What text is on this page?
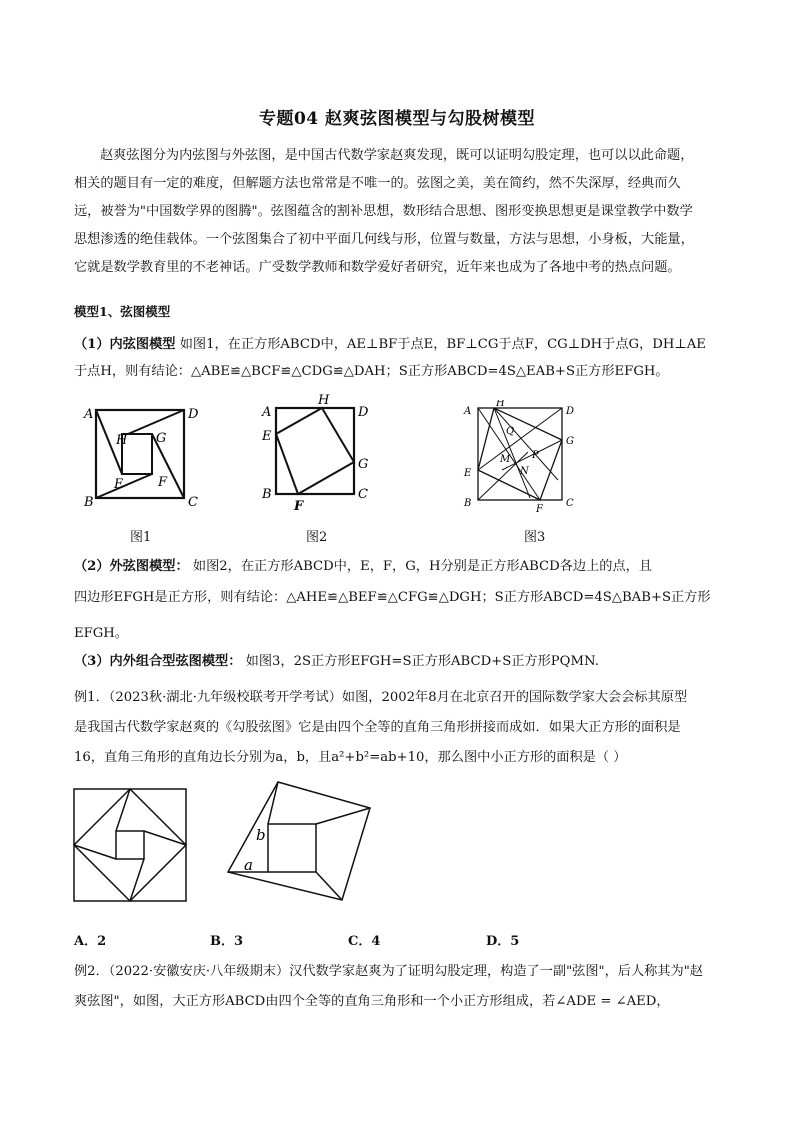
专题04 赵爽弦图模型与勾股树模型
赵爽弦图分为内弦图与外弦图，是中国古代数学家赵爽发现，既可以证明勾股定理，也可以以此命题，
相关的题目有一定的难度，但解题方法也常常是不唯一的。弦图之美，美在简约，然不失深厚，经典而久
远，被誉为"中国数学界的图腾"。弦图蕴含的割补思想，数形结合思想、图形变换思想更是课堂教学中数学
思想渗透的绝佳载体。一个弦图集合了初中平面几何线与形，位置与数量，方法与思想，小身板，大能量，
它就是数学教育里的不老神话。广受数学教师和数学爱好者研究，近年来也成为了各地中考的热点问题。
模型1、弦图模型
（1）内弦图模型 如图1，在正方形ABCD中，AE⊥BF于点E，BF⊥CG于点F，CG⊥DH于点G，DH⊥AE
于点H，则有结论：△ABE≌△BCF≌△CDG≌△DAH；S正方形ABCD=4S△EAB+S正方形EFGH。
A	D
H G
E	F
B	C
图1
A
H
D
E
G
B
F
C
图2
A
H
D
Q
G
P
M
N
E
B
F
C
图3
（2）外弦图模型： 如图2，在正方形ABCD中，E，F，G，H分别是正方形ABCD各边上的点，且
四边形EFGH是正方形，则有结论：△AHE≌△BEF≌△CFG≌△DGH；S正方形ABCD=4S△BAB+S正方形
EFGH。
（3）内外组合型弦图模型： 如图3，2S正方形EFGH=S正方形ABCD+S正方形PQMN.
例1．（2023秋·湖北·九年级校联考开学考试）如图，2002年8月在北京召开的国际数学家大会会标其原型
是我国古代数学家赵爽的《勾股弦图》它是由四个全等的直角三角形拼接而成如．如果大正方形的面积是
16，直角三角形的直角边长分别为a，b，且a²+b²=ab+10，那么图中小正方形的面积是（ ）
b
a
A．2	B．3	C．4	D．5
例2．（2022·安徽安庆·八年级期末）汉代数学家赵爽为了证明勾股定理，构造了一副"弦图"，后人称其为"赵
爽弦图"，如图，大正方形ABCD由四个全等的直角三角形和一个小正方形组成，若∠ADE = ∠AED，
